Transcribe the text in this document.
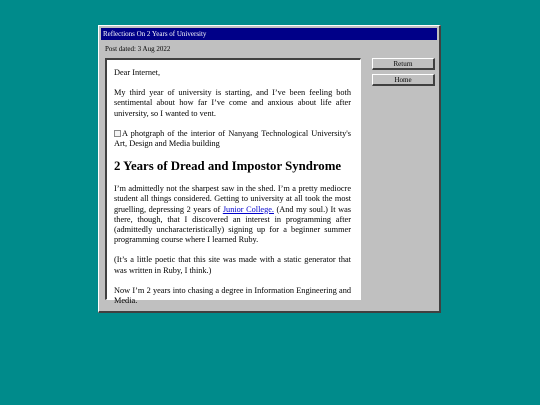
Reflections On 2 Years of University
Post dated: 3 Aug 2022

Dear Internet,

My third year of university is starting, and I’ve been feeling both sentimental about how far I’ve come and anxious about life after university, so I wanted to vent.

A photgraph of the interior of Nanyang Technological University's Art, Design and Media building

2 Years of Dread and Impostor Syndrome

I’m admittedly not the sharpest saw in the shed. I’m a pretty mediocre student all things considered. Getting to university at all took the most gruelling, depressing 2 years of Junior College. (And my soul.) It was there, though, that I discovered an interest in programming after (admittedly uncharacteristically) signing up for a beginner summer programming course where I learned Ruby.

(It’s a little poetic that this site was made with a static generator that was written in Ruby, I think.)

Now I’m 2 years into chasing a degree in Information Engineering and Media.

Return
Home
